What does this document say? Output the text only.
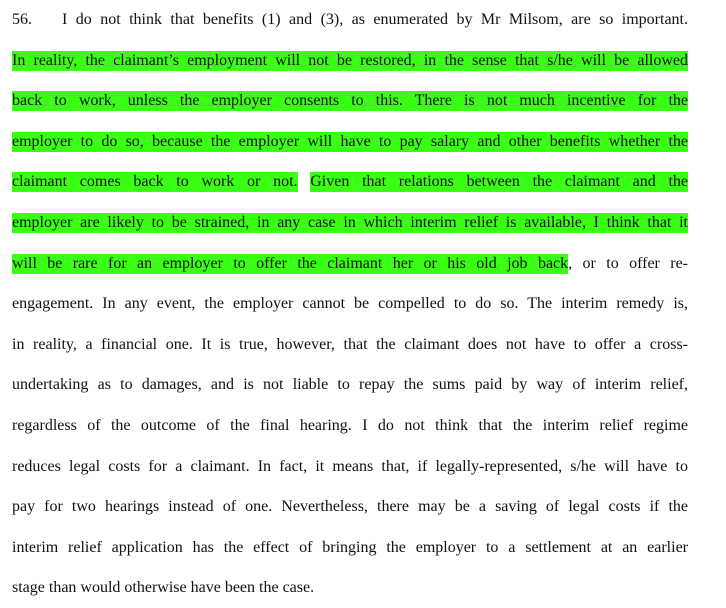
56. I do not think that benefits (1) and (3), as enumerated by Mr Milsom, are so important.
In reality, the claimant’s employment will not be restored, in the sense that s/he will be allowed
back to work, unless the employer consents to this. There is not much incentive for the
employer to do so, because the employer will have to pay salary and other benefits whether the
claimant comes back to work or not. Given that relations between the claimant and the
employer are likely to be strained, in any case in which interim relief is available, I think that it
will be rare for an employer to offer the claimant her or his old job back, or to offer re-
engagement. In any event, the employer cannot be compelled to do so. The interim remedy is,
in reality, a financial one. It is true, however, that the claimant does not have to offer a cross-
undertaking as to damages, and is not liable to repay the sums paid by way of interim relief,
regardless of the outcome of the final hearing. I do not think that the interim relief regime
reduces legal costs for a claimant. In fact, it means that, if legally-represented, s/he will have to
pay for two hearings instead of one. Nevertheless, there may be a saving of legal costs if the
interim relief application has the effect of bringing the employer to a settlement at an earlier
stage than would otherwise have been the case.
